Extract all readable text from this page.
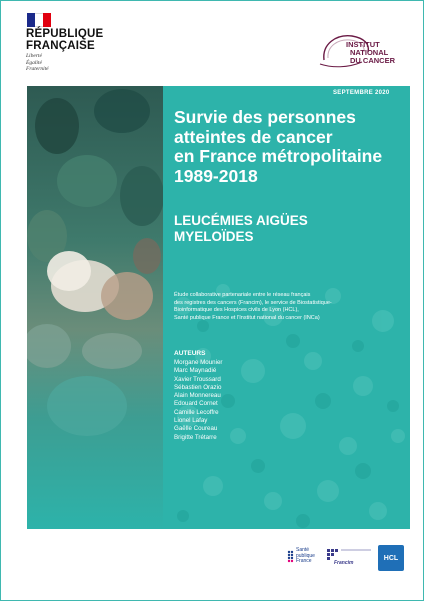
RÉPUBLIQUE
FRANÇAISE
Liberté
Égalité
Fraternité
INSTITUT
NATIONAL
DU CANCER
SEPTEMBRE 2020
Survie des personnes
atteintes de cancer
en France métropolitaine
1989-2018
LEUCÉMIES AIGÜES
MYELOÏDES
Étude collaborative partenariale entre le réseau français
des registres des cancers (Francim), le service de Biostatistique-
Bioinformatique des Hospices civils de Lyon (HCL),
Santé publique France et l'Institut national du cancer (INCa)
AUTEURS
Morgane Mounier
Marc Maynadié
Xavier Troussard
Sébastien Orazio
Alain Monnereau
Edouard Cornet
Camille Lecoffre
Lionel Lafay
Gaëlle Coureau
Brigitte Trétarre
Santé
publique
France	Francim
HCL
